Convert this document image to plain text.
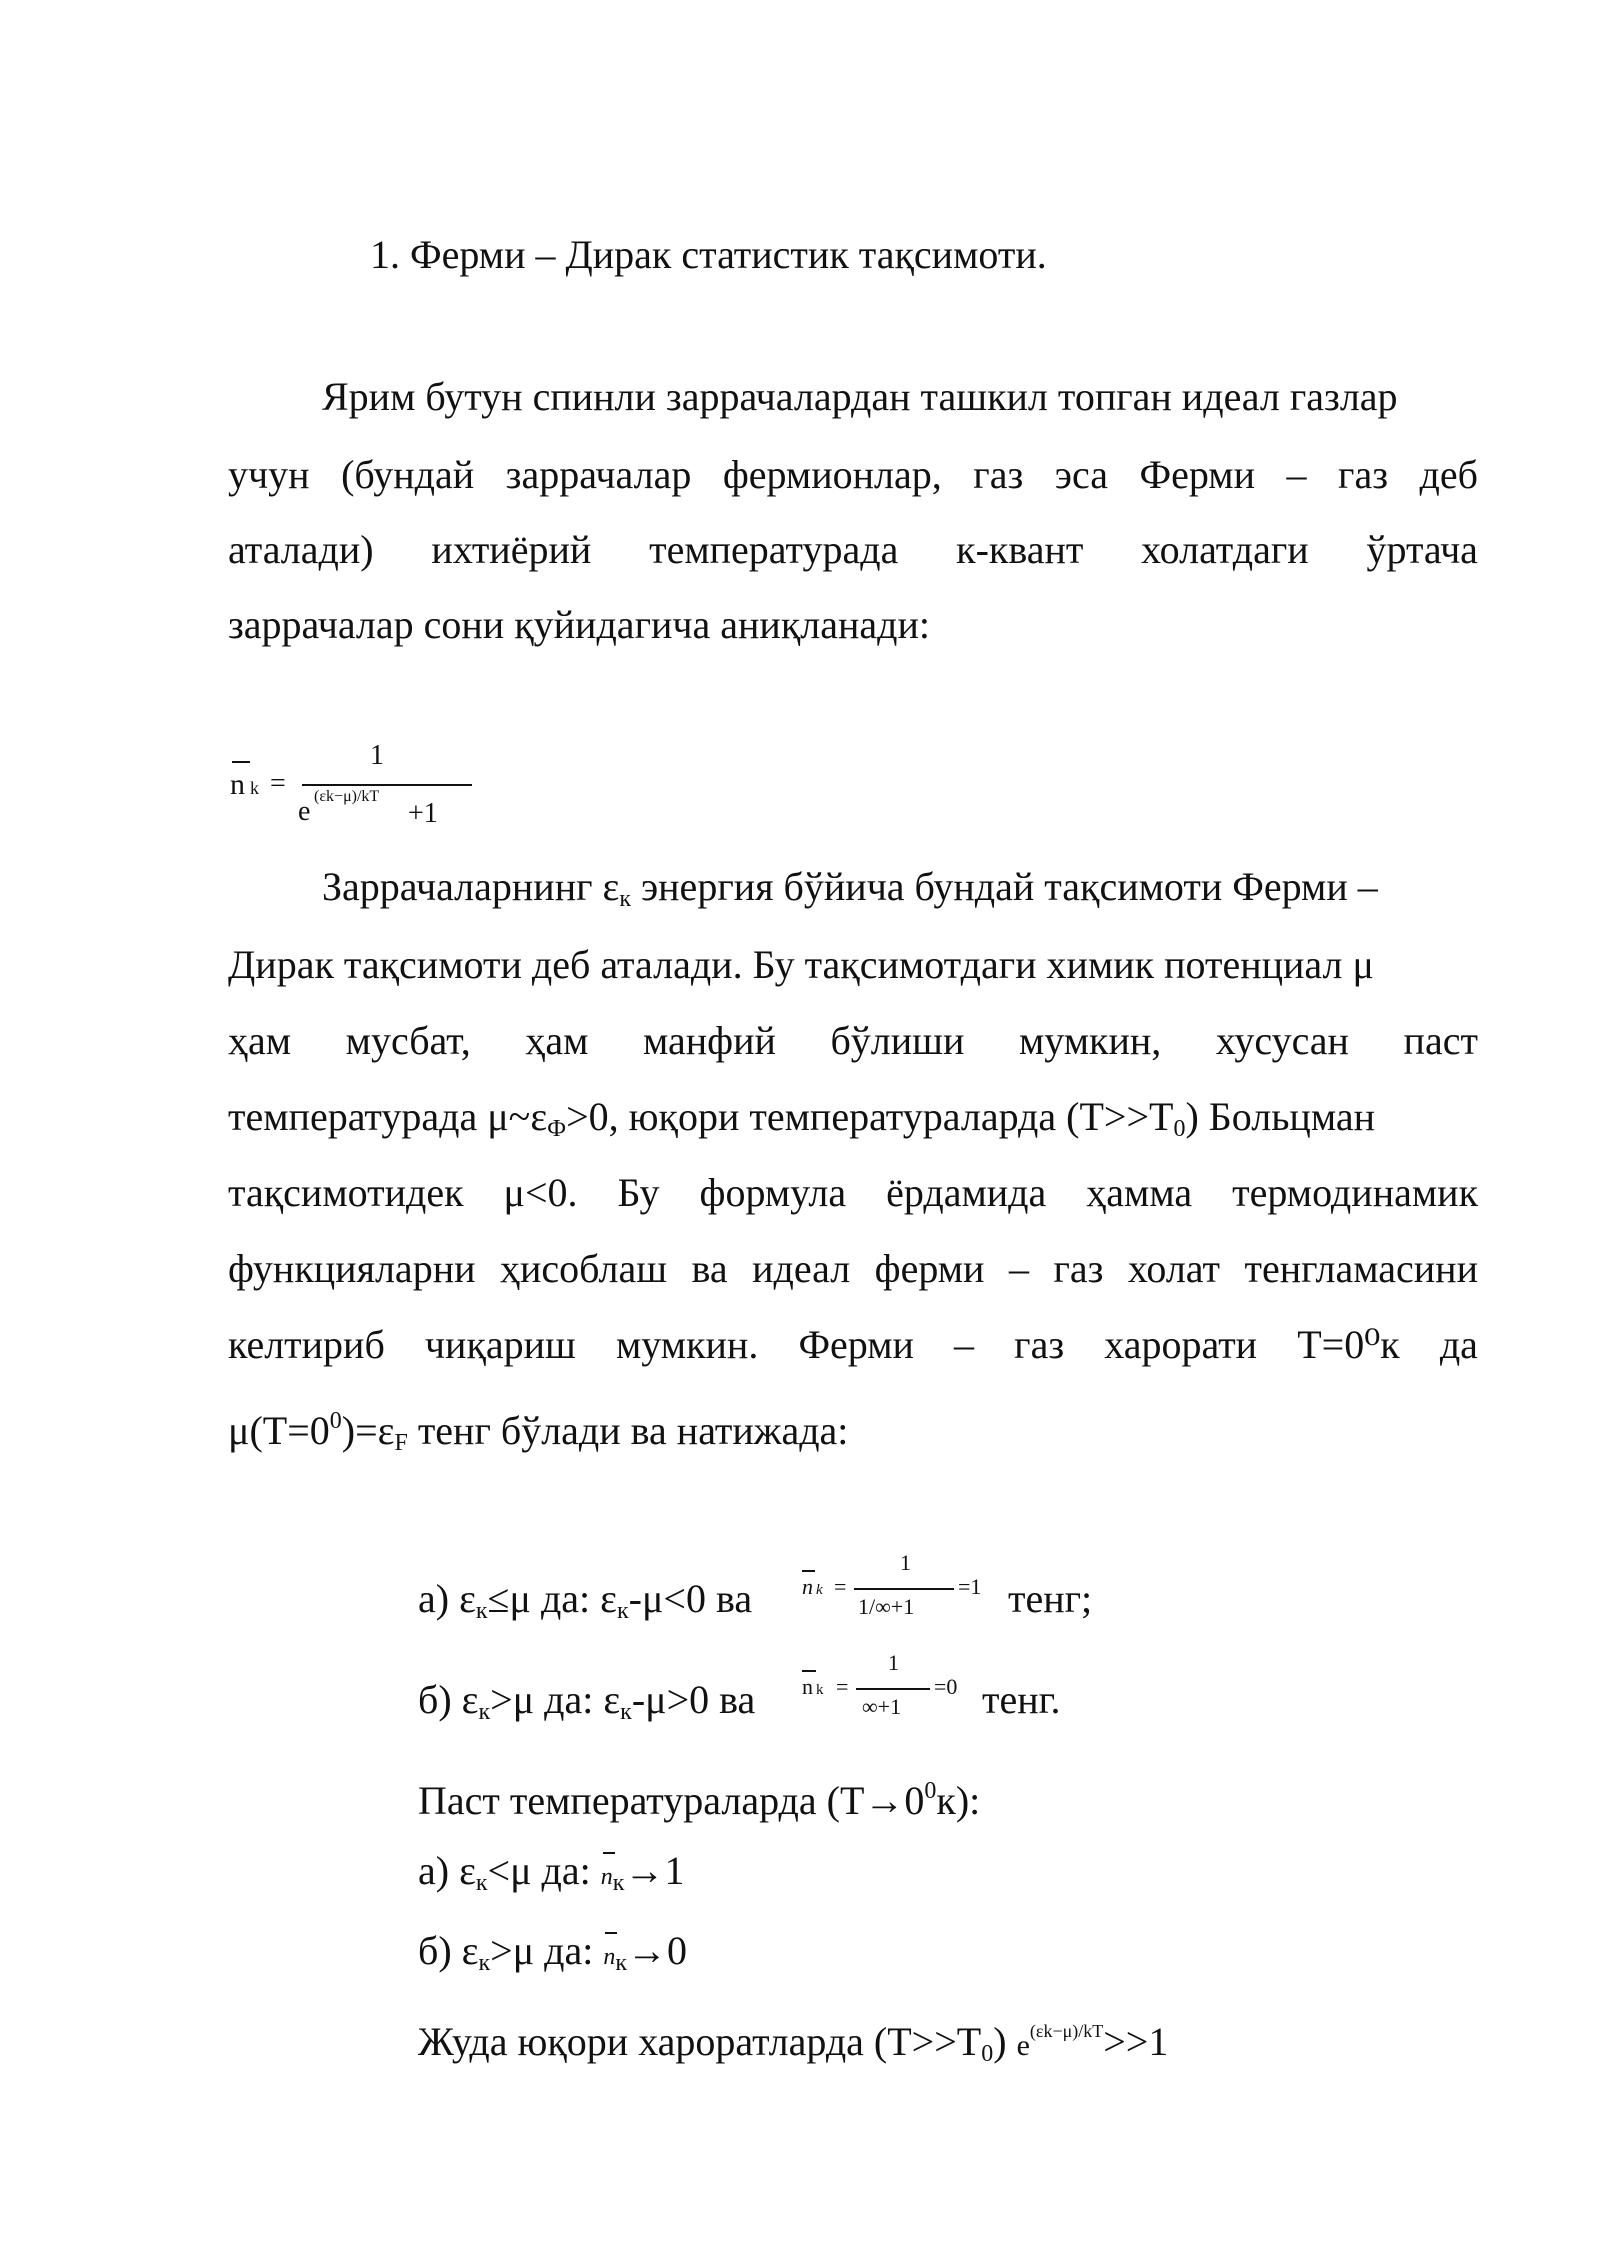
1. Ферми – Дирак статистик тақсимоти.
Ярим бутун спинли заррачалардан ташкил топган идеал газлар
учун (бундай заррачалар фермионлар, газ эса Ферми – газ деб
аталади) ихтиёрий температурада к-квант холатдаги ўртача
заррачалар сони қуйидагича аниқланади:
n k =
1
e (εk−μ)/kT
+1
Заррачаларнинг $\varepsilon_к$ энергия бўйича бундай тақсимоти Ферми –
Дирак тақсимоти деб аталади. Бу тақсимотдаги химик потенциал μ
ҳам мусбат, ҳам манфий бўлиши мумкин, хусусан паст
температурада $\mu\sim\varepsilon_Ф>0$, юқори температураларда $(T>>T_0)$ Больцман
тақсимотидек μ<0. Бу формула ёрдамида ҳамма термодинамик
функцияларни ҳисоблаш ва идеал ферми – газ холат тенгламасини
келтириб чиқариш мумкин. Ферми – газ харорати T=0⁰к да
$\mu(T=0^0)=\varepsilon_F$ тенг бўлади ва натижада:
а) $\varepsilon_к\le\mu$ да: $\varepsilon_к-\mu<0$ ва n k =
1
1/∞+1
=1 тенг;
б) $\varepsilon_к>\mu$ да: $\varepsilon_к-\mu>0$ ва n k =
1
∞+1
=0 тенг.
Паст температураларда $(T\to 0^0к)$:
а) $\varepsilon_к<\mu$ да: $n_к\to 1$
б) $\varepsilon_к>\mu$ да: $n_к\to 0$
Жуда юқори хароратларда $(T>>T_0)$ $e^{(\varepsilon k-\mu)/kT}>>1$
